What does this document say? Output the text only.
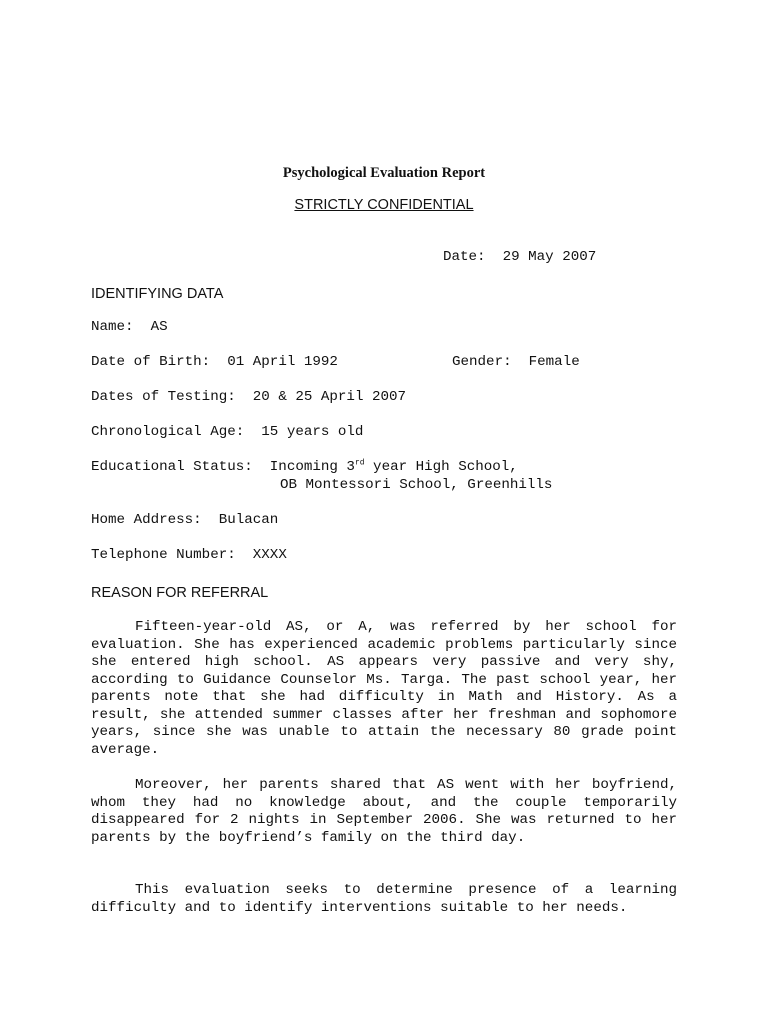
Psychological Evaluation Report
STRICTLY CONFIDENTIAL
Date: 29 May 2007
IDENTIFYING DATA
Name: AS
Date of Birth: 01 April 1992	Gender: Female
Dates of Testing: 20 & 25 April 2007
Chronological Age: 15 years old
Educational Status: Incoming 3rd year High School,
OB Montessori School, Greenhills
Home Address: Bulacan
Telephone Number: XXXX
REASON FOR REFERRAL
Fifteen-year-old AS, or A, was referred by her school for evaluation. She has experienced academic problems particularly since she entered high school. AS appears very passive and very shy, according to Guidance Counselor Ms. Targa. The past school year, her parents note that she had difficulty in Math and History. As a result, she attended summer classes after her freshman and sophomore years, since she was unable to attain the necessary 80 grade point average.
Moreover, her parents shared that AS went with her boyfriend, whom they had no knowledge about, and the couple temporarily disappeared for 2 nights in September 2006. She was returned to her parents by the boyfriend’s family on the third day.
This evaluation seeks to determine presence of a learning difficulty and to identify interventions suitable to her needs.
